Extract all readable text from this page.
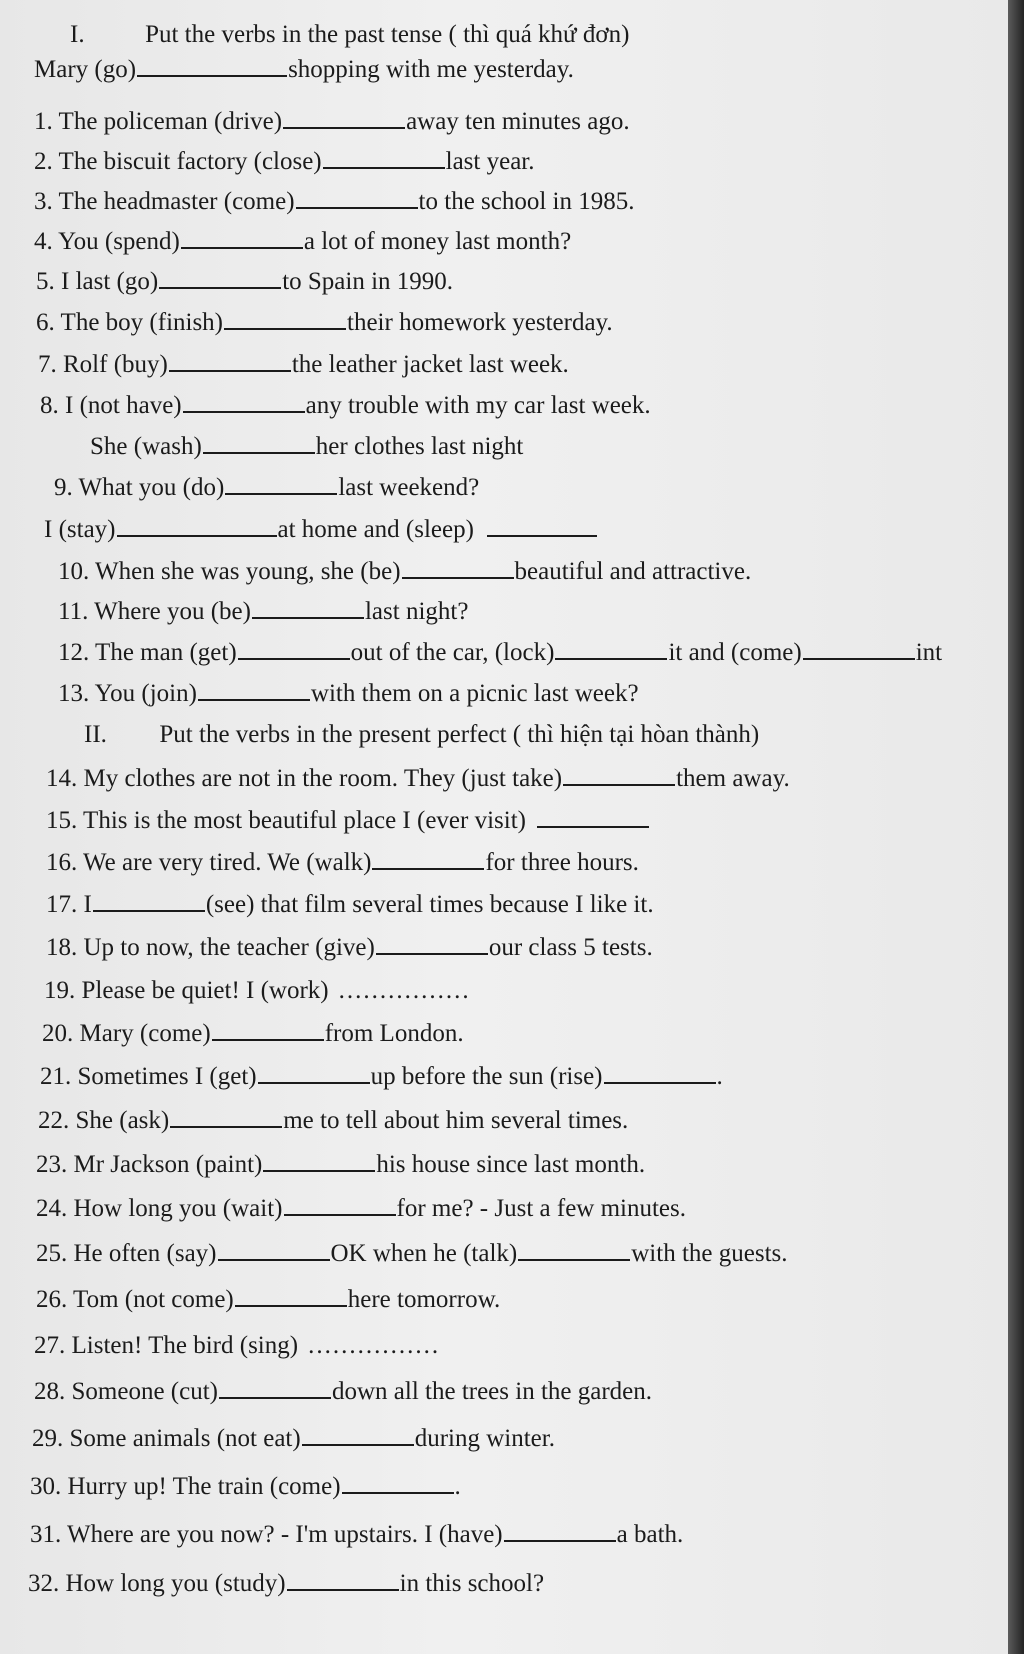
I. Put the verbs in the past tense ( thì quá khứ đơn)
Mary (go)	shopping with me yesterday.
1. The policeman (drive)	away ten minutes ago.
2. The biscuit factory (close)	last year.
3. The headmaster (come)	to the school in 1985.
4. You (spend)	a lot of money last month?
5. I last (go)	to Spain in 1990.
6. The boy (finish)	their homework yesterday.
7. Rolf (buy)	the leather jacket last week.
8. I (not have)	any trouble with my car last week.
She (wash)	her clothes last night
9. What you (do)	last weekend?
I (stay)	at home and (sleep)
10. When she was young, she (be)	beautiful and attractive.
11. Where you (be)	last night?
12. The man (get)	out of the car, (lock)	it and (come)	int
13. You (join)	with them on a picnic last week?
II. Put the verbs in the present perfect ( thì hiện tại hòan thành)
14. My clothes are not in the room. They (just take)	them away.
15. This is the most beautiful place I (ever visit)
16. We are very tired. We (walk)	for three hours.
17. I	(see) that film several times because I like it.
18. Up to now, the teacher (give)	our class 5 tests.
19. Please be quiet! I (work) ................
20. Mary (come)	from London.
21. Sometimes I (get)	up before the sun (rise)	.
22. She (ask)	me to tell about him several times.
23. Mr Jackson (paint)	his house since last month.
24. How long you (wait)	for me? - Just a few minutes.
25. He often (say)	OK when he (talk)	with the guests.
26. Tom (not come)	here tomorrow.
27. Listen! The bird (sing) ................
28. Someone (cut)	down all the trees in the garden.
29. Some animals (not eat)	during winter.
30. Hurry up! The train (come)	.
31. Where are you now? - I'm upstairs. I (have)	a bath.
32. How long you (study)	in this school?
